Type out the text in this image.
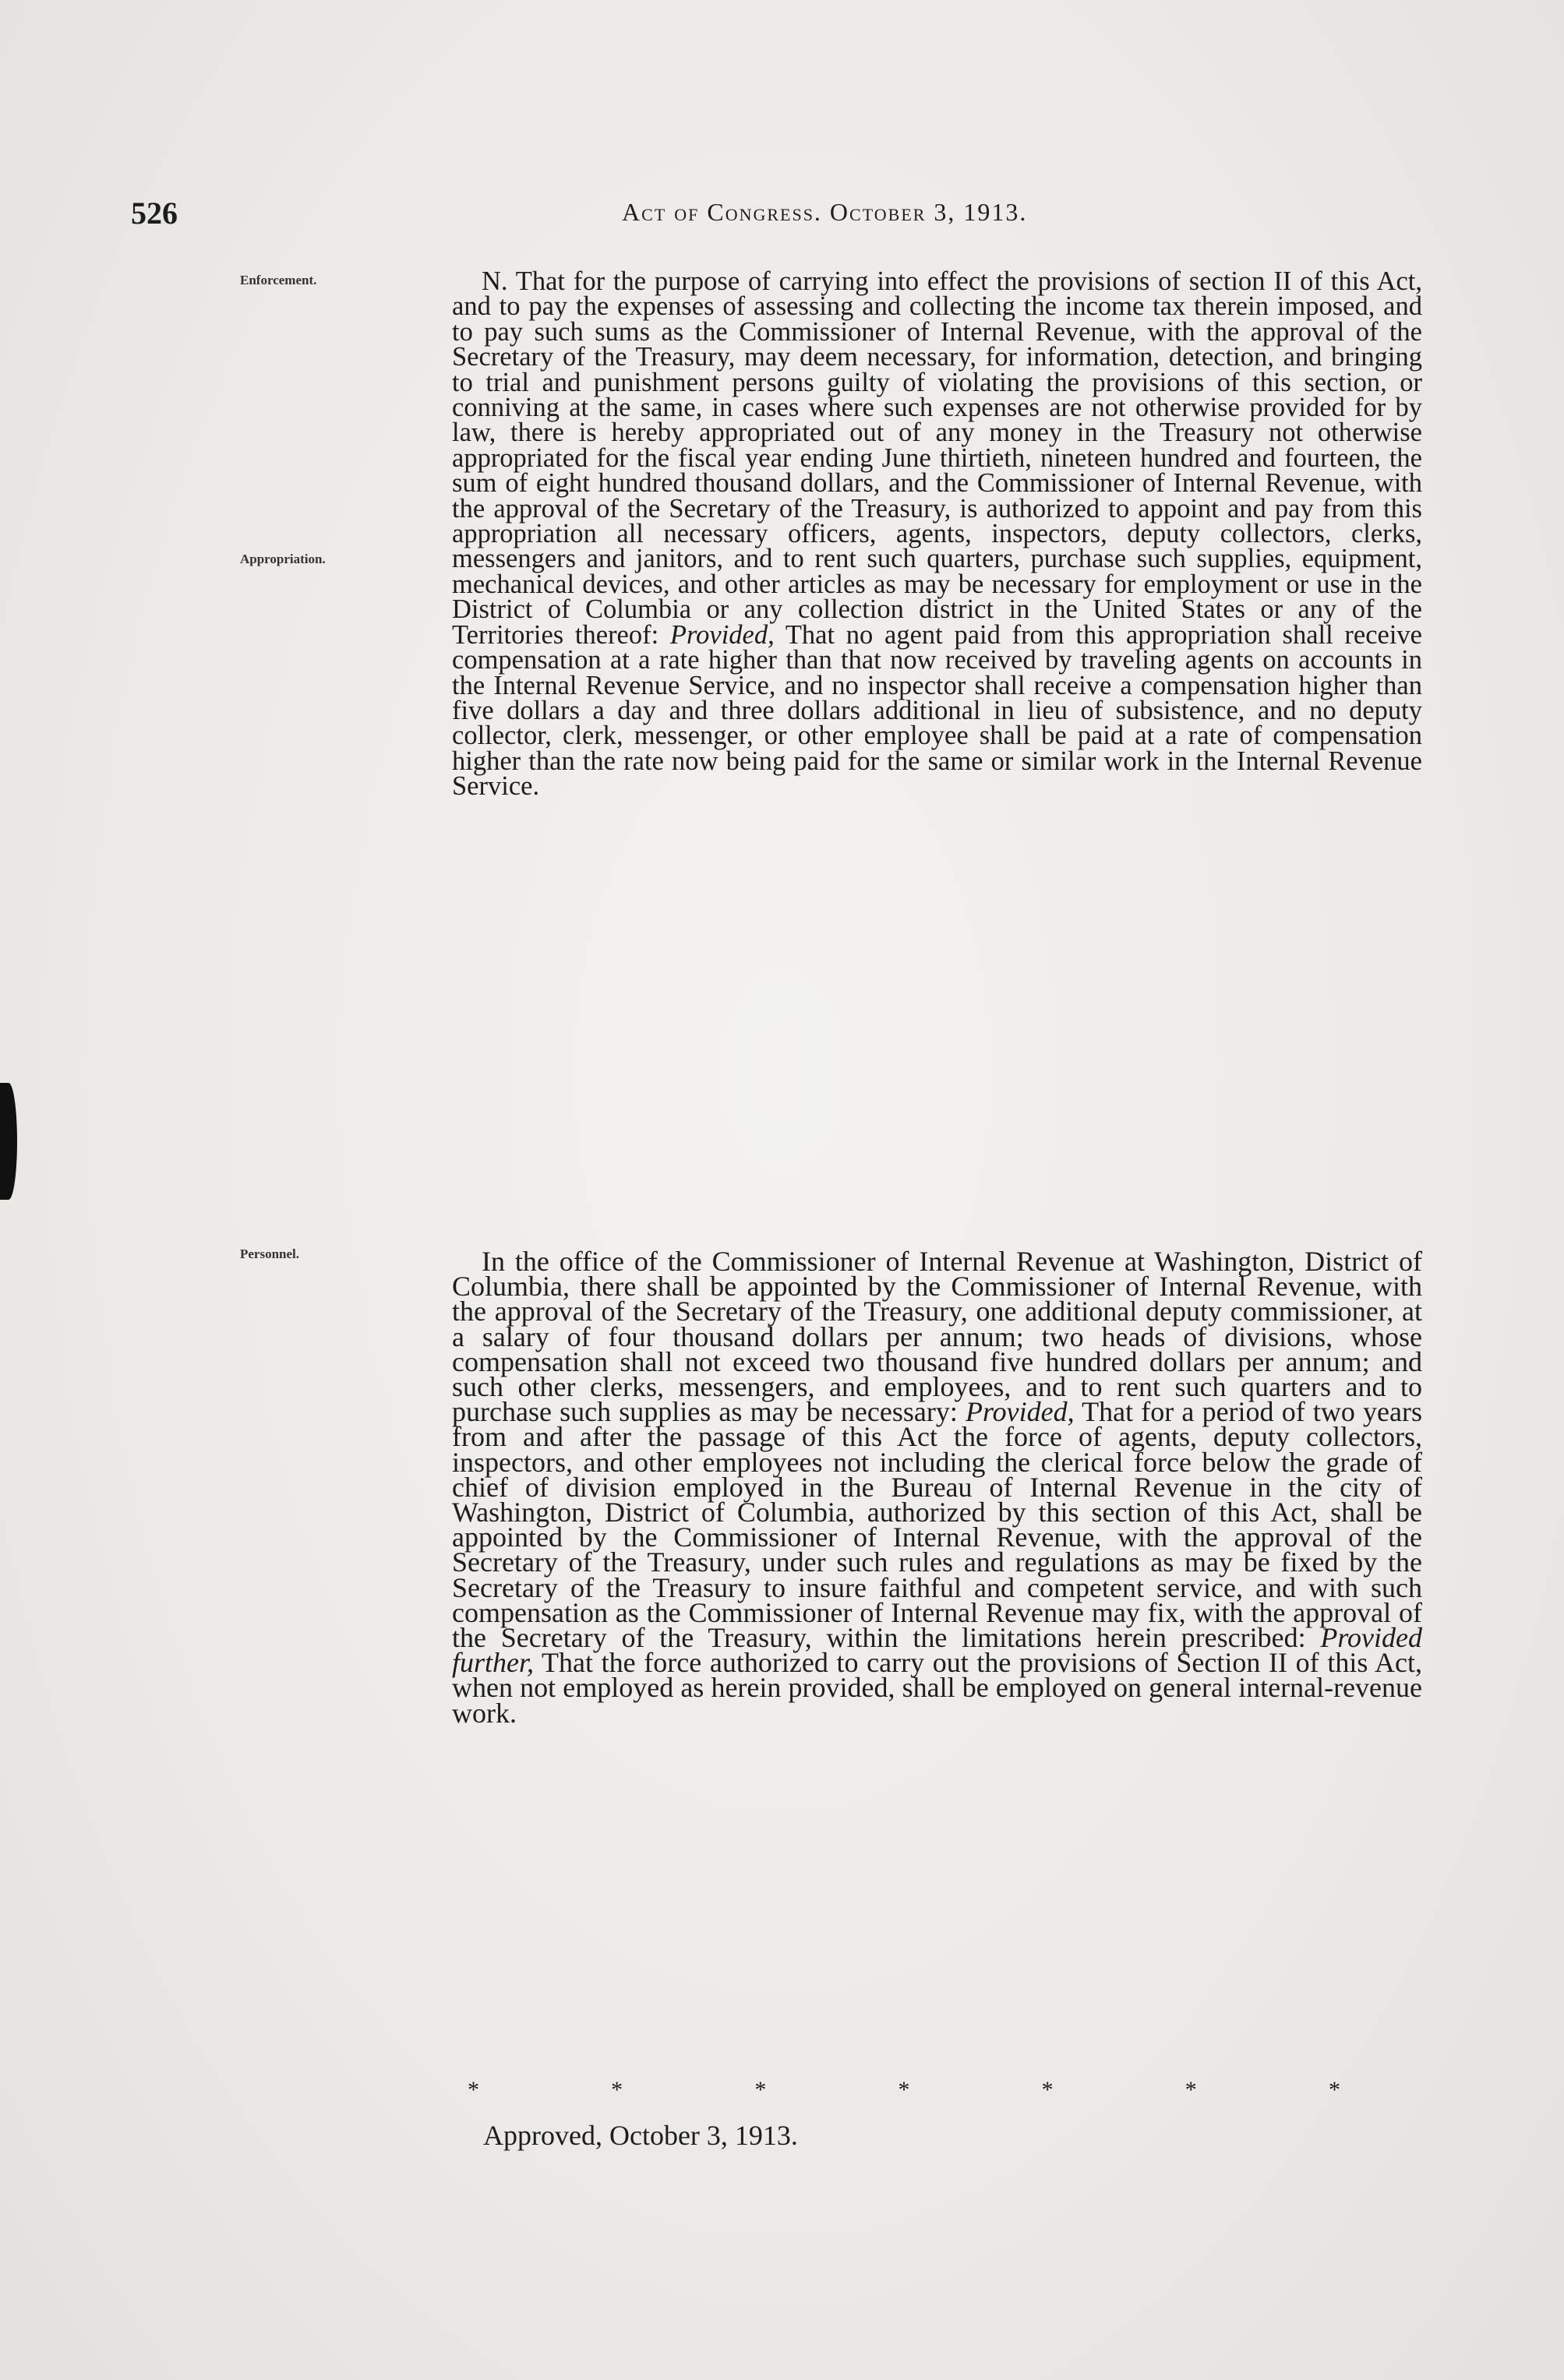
526	Act of Congress. October 3, 1913.
Enforcement.
Appropriation.
Personnel.

N. That for the purpose of carrying into effect the provisions of section II of this Act, and to pay the expenses of assessing and collecting the income tax therein imposed, and to pay such sums as the Commissioner of Internal Revenue, with the approval of the Secretary of the Treasury, may deem necessary, for information, detection, and bringing to trial and punishment persons guilty of violating the provisions of this section, or conniving at the same, in cases where such expenses are not otherwise provided for by law, there is hereby appropriated out of any money in the Treasury not otherwise appropriated for the fiscal year ending June thirtieth, nineteen hundred and fourteen, the sum of eight hundred thousand dollars, and the Commissioner of Internal Revenue, with the approval of the Secretary of the Treasury, is authorized to appoint and pay from this appropriation all necessary officers, agents, inspectors, deputy collectors, clerks, messengers and janitors, and to rent such quarters, purchase such supplies, equipment, mechanical devices, and other articles as may be necessary for employment or use in the District of Columbia or any collection district in the United States or any of the Territories thereof: Provided, That no agent paid from this appropriation shall receive compensation at a rate higher than that now received by traveling agents on accounts in the Internal Revenue Service, and no inspector shall receive a compensation higher than five dollars a day and three dollars additional in lieu of subsistence, and no deputy collector, clerk, messenger, or other employee shall be paid at a rate of compensation higher than the rate now being paid for the same or similar work in the Internal Revenue Service.

In the office of the Commissioner of Internal Revenue at Washington, District of Columbia, there shall be appointed by the Commissioner of Internal Revenue, with the approval of the Secretary of the Treasury, one additional deputy commissioner, at a salary of four thousand dollars per annum; two heads of divisions, whose compensation shall not exceed two thousand five hundred dollars per annum; and such other clerks, messengers, and employees, and to rent such quarters and to purchase such supplies as may be necessary: Provided, That for a period of two years from and after the passage of this Act the force of agents, deputy collectors, inspectors, and other employees not including the clerical force below the grade of chief of division employed in the Bureau of Internal Revenue in the city of Washington, District of Columbia, authorized by this section of this Act, shall be appointed by the Commissioner of Internal Revenue, with the approval of the Secretary of the Treasury, under such rules and regulations as may be fixed by the Secretary of the Treasury to insure faithful and competent service, and with such compensation as the Commissioner of Internal Revenue may fix, with the approval of the Secretary of the Treasury, within the limitations herein prescribed: Provided further, That the force authorized to carry out the provisions of Section II of this Act, when not employed as herein provided, shall be employed on general internal-revenue work.

*	*	*	*	*	*	*
Approved, October 3, 1913.
